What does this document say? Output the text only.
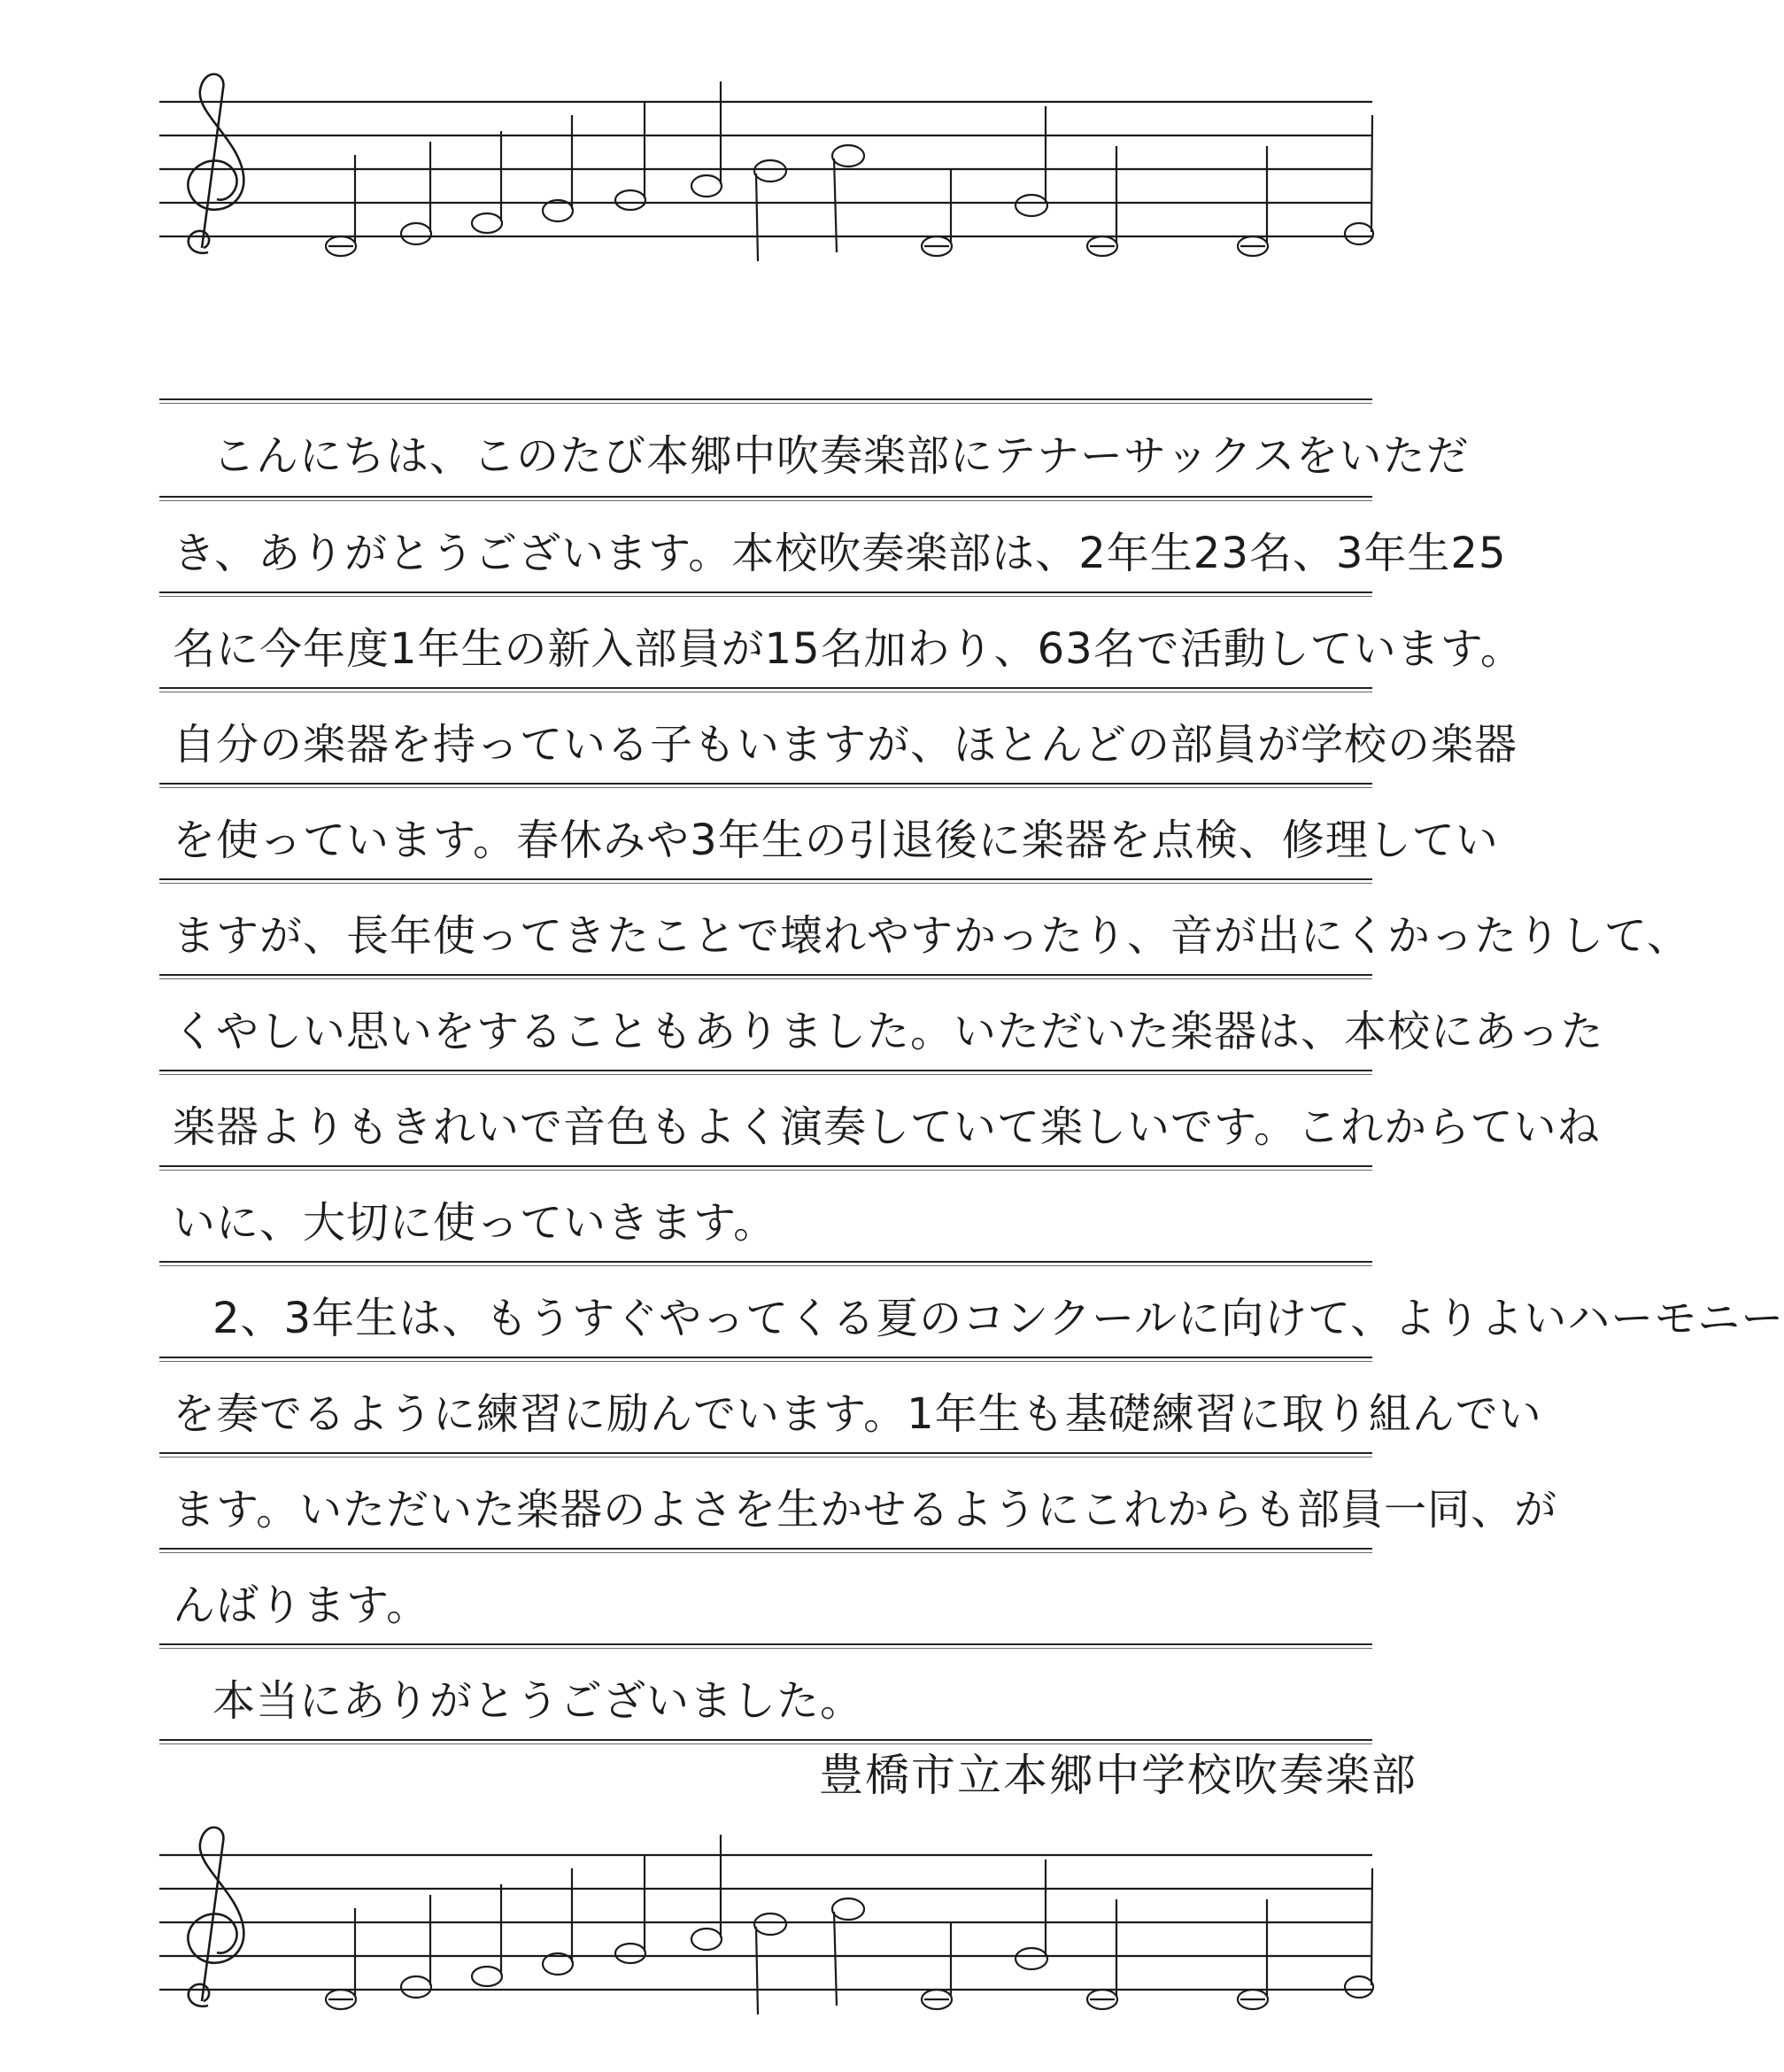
こんにちは、このたび本郷中吹奏楽部にテナーサックスをいただ
き、ありがとうございます。本校吹奏楽部は、2年生23名、3年生25
名に今年度1年生の新入部員が15名加わり、63名で活動しています。
自分の楽器を持っている子もいますが、ほとんどの部員が学校の楽器
を使っています。春休みや3年生の引退後に楽器を点検、修理してい
ますが、長年使ってきたことで壊れやすかったり、音が出にくかったりして、
くやしい思いをすることもありました。いただいた楽器は、本校にあった
楽器よりもきれいで音色もよく演奏していて楽しいです。これからていね
いに、大切に使っていきます。
2、3年生は、もうすぐやってくる夏のコンクールに向けて、よりよいハーモニー
を奏でるように練習に励んでいます。1年生も基礎練習に取り組んでい
ます。いただいた楽器のよさを生かせるようにこれからも部員一同、が
んばります。
本当にありがとうございました。
豊橋市立本郷中学校吹奏楽部
